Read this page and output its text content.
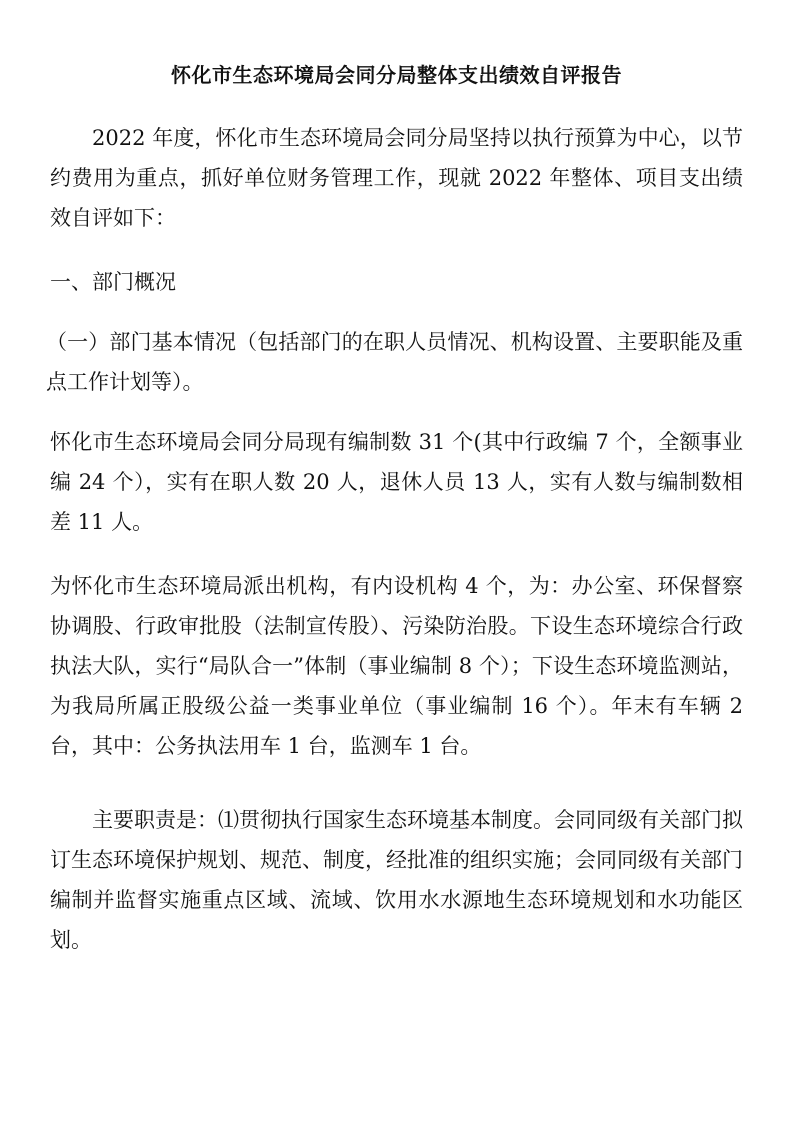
怀化市生态环境局会同分局整体支出绩效自评报告

2022 年度，怀化市生态环境局会同分局坚持以执行预算为中心，以节约费用为重点，抓好单位财务管理工作，现就 2022 年整体、项目支出绩效自评如下：

一、部门概况

（一）部门基本情况（包括部门的在职人员情况、机构设置、主要职能及重点工作计划等）。

怀化市生态环境局会同分局现有编制数 31 个(其中行政编 7 个，全额事业编 24 个），实有在职人数 20 人，退休人员 13 人，实有人数与编制数相差 11 人。

为怀化市生态环境局派出机构，有内设机构 4 个，为：办公室、环保督察协调股、行政审批股（法制宣传股）、污染防治股。下设生态环境综合行政执法大队，实行“局队合一”体制（事业编制 8 个）；下设生态环境监测站，为我局所属正股级公益一类事业单位（事业编制 16 个）。年末有车辆 2 台，其中：公务执法用车 1 台，监测车 1 台。

主要职责是：⑴贯彻执行国家生态环境基本制度。会同同级有关部门拟订生态环境保护规划、规范、制度，经批准的组织实施；会同同级有关部门编制并监督实施重点区域、流域、饮用水水源地生态环境规划和水功能区划。
